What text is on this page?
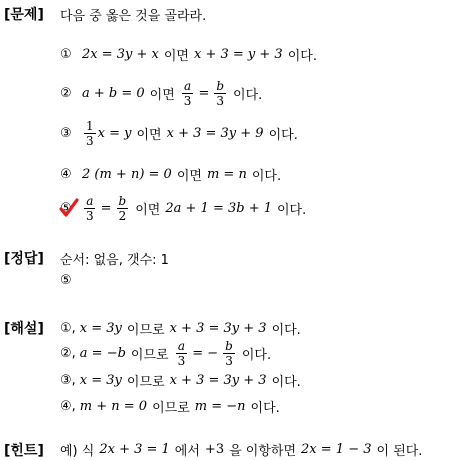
[문제] 다음 중 옳은 것을 골라라.
① 2x = 3y + x 이면 x + 3 = y + 3 이다.
② a + b = 0 이면 $\frac{a}{3} = \frac{b}{3}$ 이다.
③	$\frac{1}{3}$ x = y 이면 x + 3 = 3y + 9 이다.
④ 2 (m + n) = 0 이면 m = n 이다.
⑤	$\frac{a}{3} = \frac{b}{2}$ 이면 2a + 1 = 3b + 1 이다.
[정답] 순서: 없음, 갯수: 1
⑤
[해설] ①, x = 3y 이므로 x + 3 = 3y + 3 이다.
②, a = −b 이므로 $\frac{a}{3}$ = − $\frac{b}{3}$ 이다.
③, x = 3y 이므로 x + 3 = 3y + 3 이다.
④, m + n = 0 이므로 m = −n 이다.
[힌트] 예) 식 2x + 3 = 1 에서 +3 을 이항하면 2x = 1 − 3 이 된다.
